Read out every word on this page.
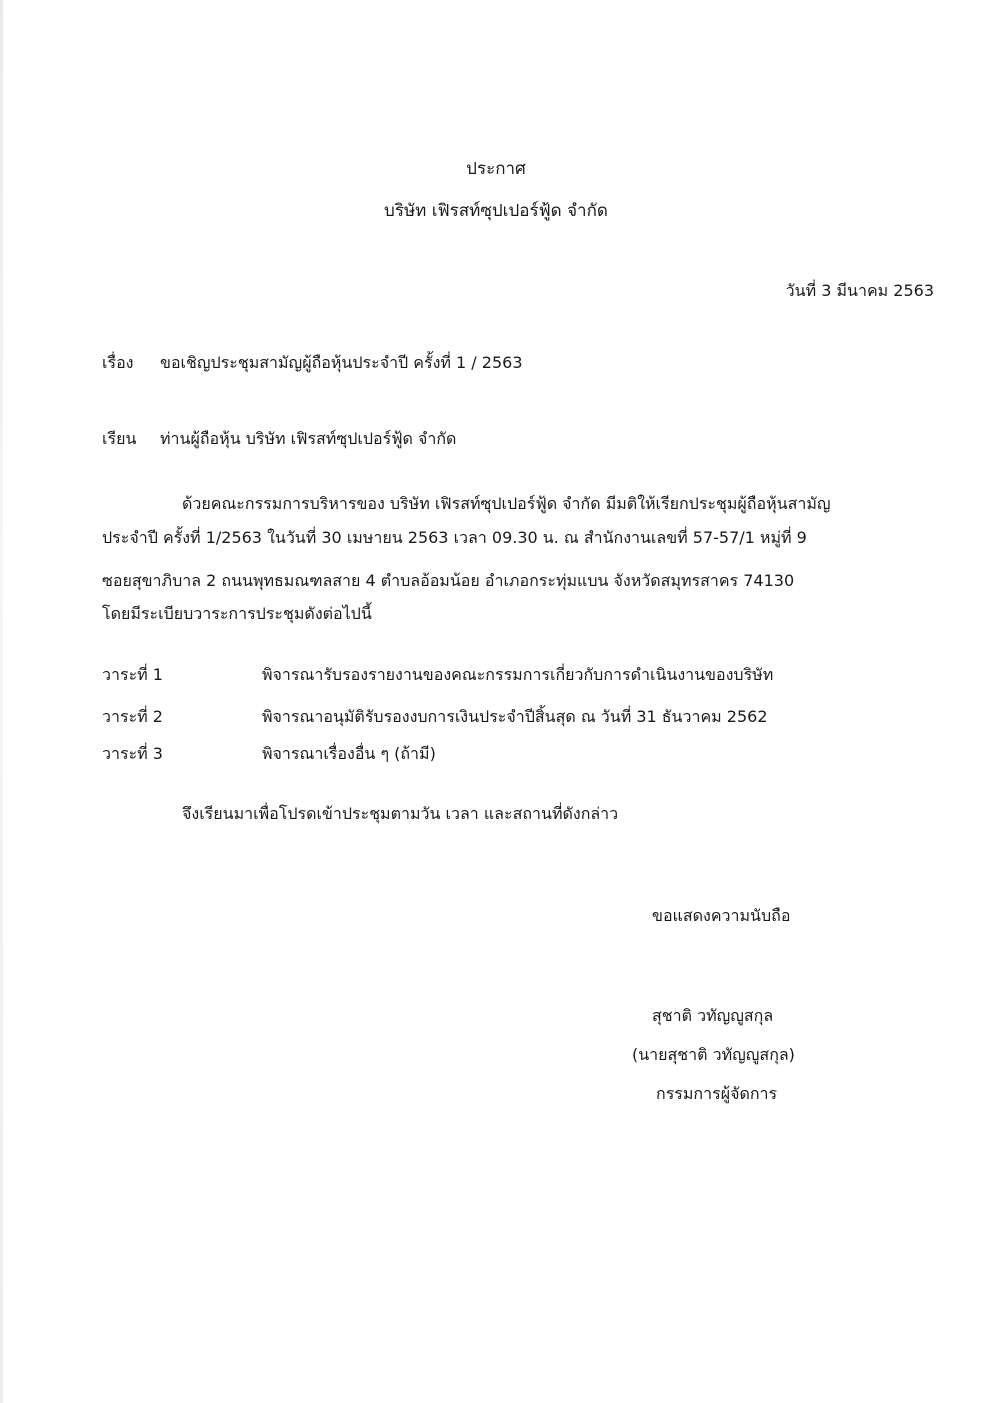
ประกาศ
บริษัท เฟิรสท์ซุปเปอร์ฟู้ด จำกัด
วันที่ 3 มีนาคม 2563
เรื่อง ขอเชิญประชุมสามัญผู้ถือหุ้นประจำปี ครั้งที่ 1 / 2563
เรียน ท่านผู้ถือหุ้น บริษัท เฟิรสท์ซุปเปอร์ฟู้ด จำกัด
ด้วยคณะกรรมการบริหารของ บริษัท เฟิรสท์ซุปเปอร์ฟู้ด จำกัด มีมติให้เรียกประชุมผู้ถือหุ้นสามัญ
ประจำปี ครั้งที่ 1/2563 ในวันที่ 30 เมษายน 2563 เวลา 09.30 น. ณ สำนักงานเลขที่ 57-57/1 หมู่ที่ 9
ซอยสุขาภิบาล 2 ถนนพุทธมณฑลสาย 4 ตำบลอ้อมน้อย อำเภอกระทุ่มแบน จังหวัดสมุทรสาคร 74130
โดยมีระเบียบวาระการประชุมดังต่อไปนี้
วาระที่ 1	พิจารณารับรองรายงานของคณะกรรมการเกี่ยวกับการดำเนินงานของบริษัท
วาระที่ 2	พิจารณาอนุมัติรับรองงบการเงินประจำปีสิ้นสุด ณ วันที่ 31 ธันวาคม 2562
วาระที่ 3	พิจารณาเรื่องอื่น ๆ (ถ้ามี)
จึงเรียนมาเพื่อโปรดเข้าประชุมตามวัน เวลา และสถานที่ดังกล่าว
ขอแสดงความนับถือ
สุชาติ วทัญญูสกุล
(นายสุชาติ วทัญญูสกุล)
กรรมการผู้จัดการ
